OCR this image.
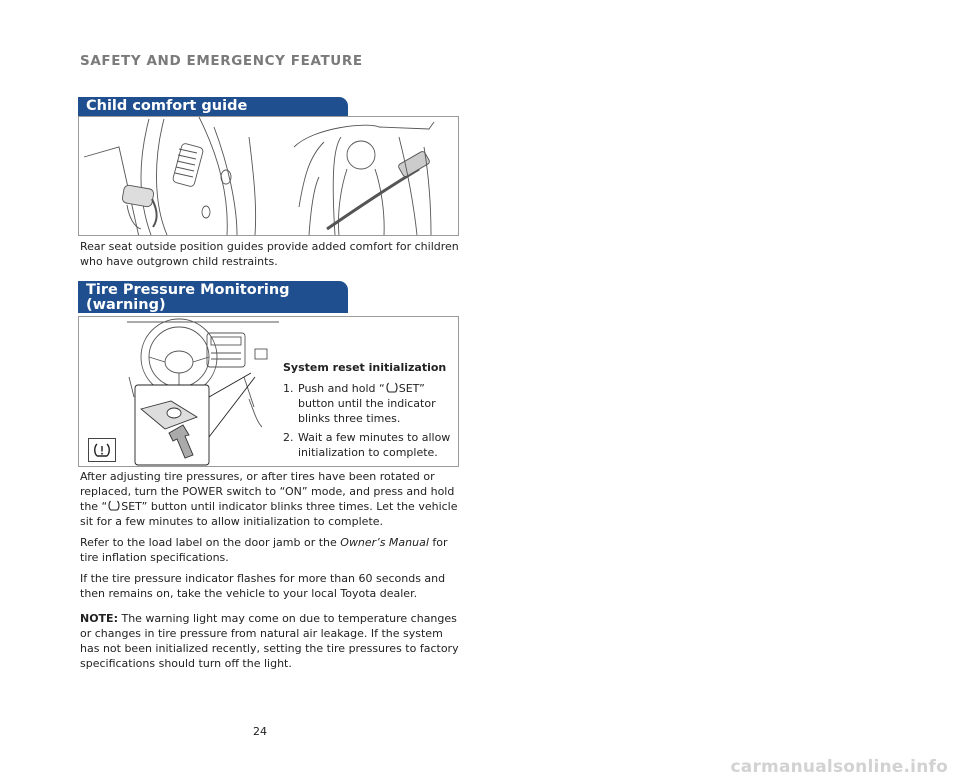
SAFETY AND EMERGENCY FEATURE
Child comfort guide
Rear seat outside position guides provide added comfort for children who have outgrown child restraints.
Tire Pressure Monitoring (warning)
System reset initialization
1. Push and hold “ SET” button until the indicator blinks three times.
2. Wait a few minutes to allow initialization to complete.

After adjusting tire pressures, or after tires have been rotated or replaced, turn the POWER switch to “ON” mode, and press and hold the “ SET” button until indicator blinks three times. Let the vehicle sit for a few minutes to allow initialization to complete.

Refer to the load label on the door jamb or the Owner’s Manual for tire inflation specifications.

If the tire pressure indicator flashes for more than 60 seconds and then remains on, take the vehicle to your local Toyota dealer.

NOTE: The warning light may come on due to temperature changes or changes in tire pressure from natural air leakage. If the system has not been initialized recently, setting the tire pressures to factory specifications should turn off the light.

24
carmanualsonline.info
